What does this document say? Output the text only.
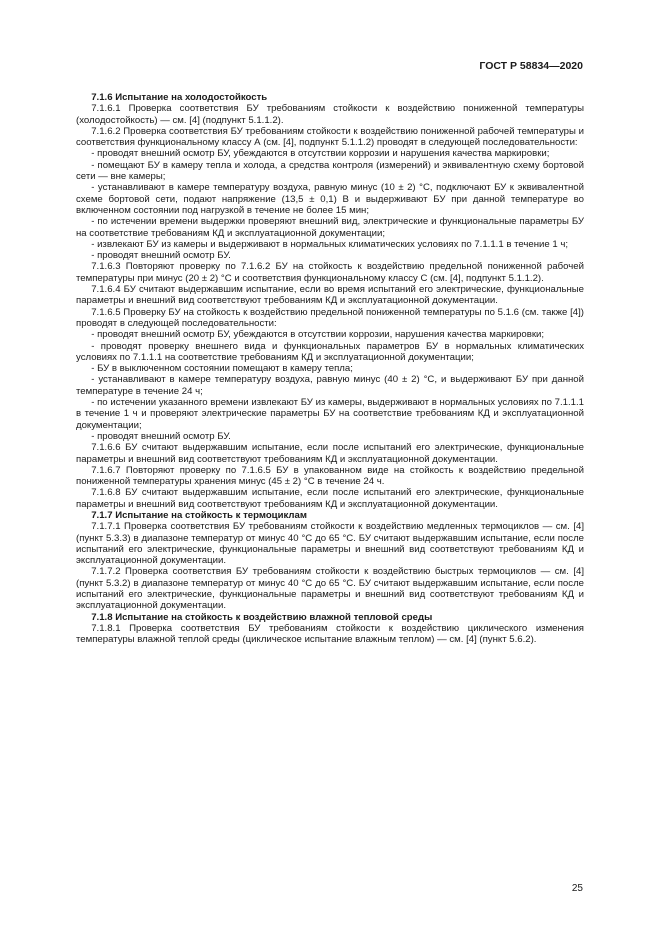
ГОСТ Р 58834—2020

7.1.6 Испытание на холодостойкость

7.1.6.1 Проверка соответствия БУ требованиям стойкости к воздействию пониженной температуры (холодостойкость) — см. [4] (подпункт 5.1.1.2).

7.1.6.2 Проверка соответствия БУ требованиям стойкости к воздействию пониженной рабочей температуры и соответствия функциональному классу А (см. [4], подпункт 5.1.1.2) проводят в следующей последовательности:

- проводят внешний осмотр БУ, убеждаются в отсутствии коррозии и нарушения качества маркировки;

- помещают БУ в камеру тепла и холода, а средства контроля (измерений) и эквивалентную схему бортовой сети — вне камеры;

- устанавливают в камере температуру воздуха, равную минус (10 ± 2) °С, подключают БУ к эквивалентной схеме бортовой сети, подают напряжение (13,5 ± 0,1) В и выдерживают БУ при данной температуре во включенном состоянии под нагрузкой в течение не более 15 мин;

- по истечении времени выдержки проверяют внешний вид, электрические и функциональные параметры БУ на соответствие требованиям КД и эксплуатационной документации;

- извлекают БУ из камеры и выдерживают в нормальных климатических условиях по 7.1.1.1 в течение 1 ч;

- проводят внешний осмотр БУ.

7.1.6.3 Повторяют проверку по 7.1.6.2 БУ на стойкость к воздействию предельной пониженной рабочей температуры при минус (20 ± 2) °С и соответствия функциональному классу С (см. [4], подпункт 5.1.1.2).

7.1.6.4 БУ считают выдержавшим испытание, если во время испытаний его электрические, функциональные параметры и внешний вид соответствуют требованиям КД и эксплуатационной документации.

7.1.6.5 Проверку БУ на стойкость к воздействию предельной пониженной температуры по 5.1.6 (см. также [4]) проводят в следующей последовательности:

- проводят внешний осмотр БУ, убеждаются в отсутствии коррозии, нарушения качества маркировки;

- проводят проверку внешнего вида и функциональных параметров БУ в нормальных климатических условиях по 7.1.1.1 на соответствие требованиям КД и эксплуатационной документации;

- БУ в выключенном состоянии помещают в камеру тепла;

- устанавливают в камере температуру воздуха, равную минус (40 ± 2) °С, и выдерживают БУ при данной температуре в течение 24 ч;

- по истечении указанного времени извлекают БУ из камеры, выдерживают в нормальных условиях по 7.1.1.1 в течение 1 ч и проверяют электрические параметры БУ на соответствие требованиям КД и эксплуатационной документации;

- проводят внешний осмотр БУ.

7.1.6.6 БУ считают выдержавшим испытание, если после испытаний его электрические, функциональные параметры и внешний вид соответствуют требованиям КД и эксплуатационной документации.

7.1.6.7 Повторяют проверку по 7.1.6.5 БУ в упакованном виде на стойкость к воздействию предельной пониженной температуры хранения минус (45 ± 2) °С в течение 24 ч.

7.1.6.8 БУ считают выдержавшим испытание, если после испытаний его электрические, функциональные параметры и внешний вид соответствуют требованиям КД и эксплуатационной документации.

7.1.7 Испытание на стойкость к термоциклам

7.1.7.1 Проверка соответствия БУ требованиям стойкости к воздействию медленных термоциклов — см. [4] (пункт 5.3.3) в диапазоне температур от минус 40 °С до 65 °С. БУ считают выдержавшим испытание, если после испытаний его электрические, функциональные параметры и внешний вид соответствуют требованиям КД и эксплуатационной документации.

7.1.7.2 Проверка соответствия БУ требованиям стойкости к воздействию быстрых термоциклов — см. [4] (пункт 5.3.2) в диапазоне температур от минус 40 °С до 65 °С. БУ считают выдержавшим испытание, если после испытаний его электрические, функциональные параметры и внешний вид соответствуют требованиям КД и эксплуатационной документации.

7.1.8 Испытание на стойкость к воздействию влажной тепловой среды

7.1.8.1 Проверка соответствия БУ требованиям стойкости к воздействию циклического изменения температуры влажной теплой среды (циклическое испытание влажным теплом) — см. [4] (пункт 5.6.2).

25
